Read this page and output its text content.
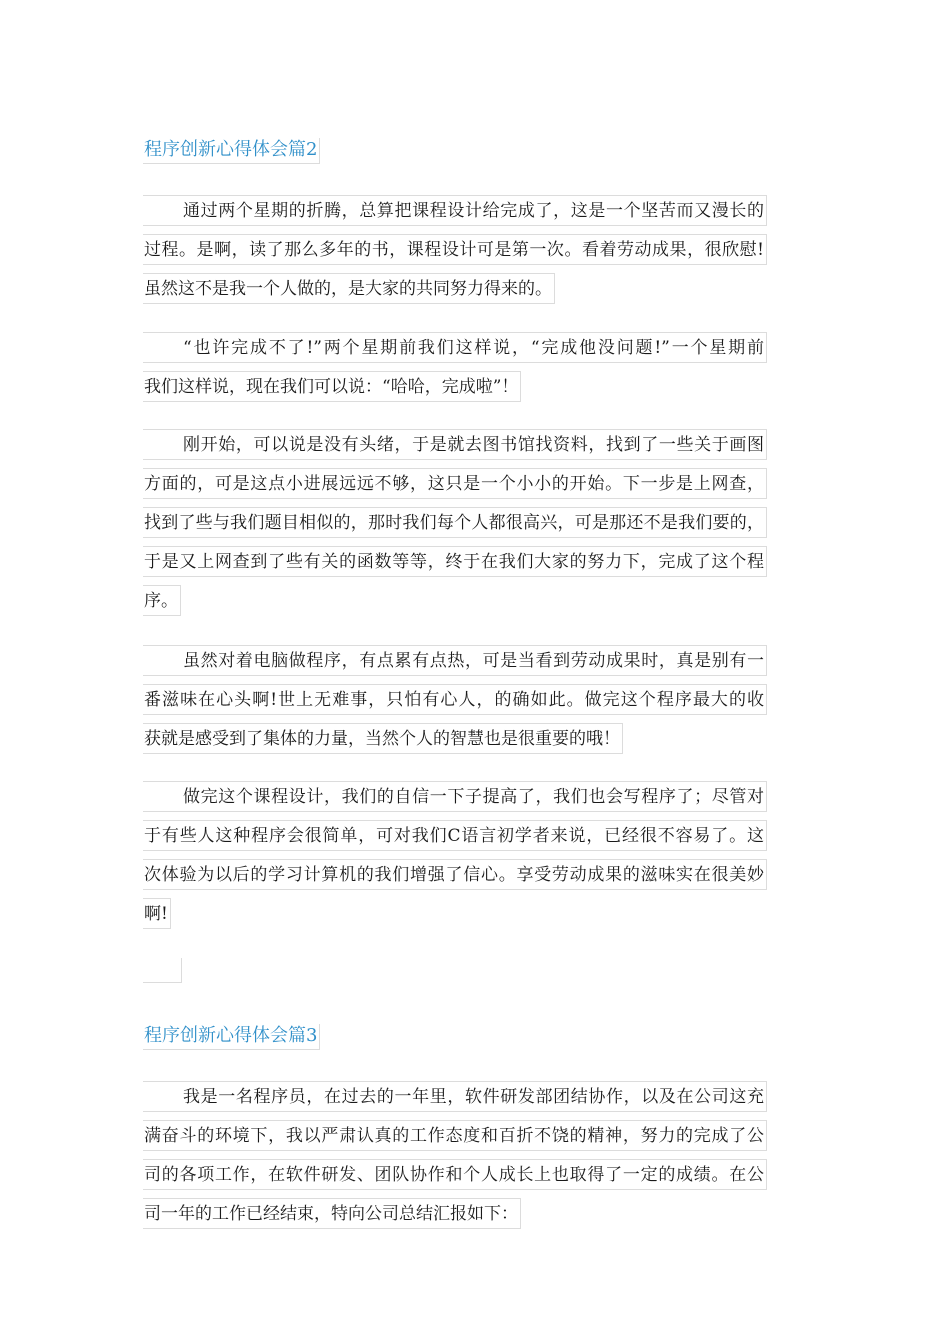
程序创新心得体会篇2
通过两个星期的折腾，总算把课程设计给完成了，这是一个坚苦而又漫长的
过程。是啊，读了那么多年的书，课程设计可是第一次。看着劳动成果，很欣慰!
虽然这不是我一个人做的，是大家的共同努力得来的。
“也许完成不了!”两个星期前我们这样说，“完成他没问题!”一个星期前
我们这样说，现在我们可以说：“哈哈，完成啦”！
刚开始，可以说是没有头绪，于是就去图书馆找资料，找到了一些关于画图
方面的，可是这点小进展远远不够，这只是一个小小的开始。下一步是上网查，
找到了些与我们题目相似的，那时我们每个人都很高兴，可是那还不是我们要的，
于是又上网查到了些有关的函数等等，终于在我们大家的努力下，完成了这个程
序。
虽然对着电脑做程序，有点累有点热，可是当看到劳动成果时，真是别有一
番滋味在心头啊!世上无难事，只怕有心人，的确如此。做完这个程序最大的收
获就是感受到了集体的力量，当然个人的智慧也是很重要的哦！
做完这个课程设计，我们的自信一下子提高了，我们也会写程序了；尽管对
于有些人这种程序会很简单，可对我们C语言初学者来说，已经很不容易了。这
次体验为以后的学习计算机的我们增强了信心。享受劳动成果的滋味实在很美妙
啊!
程序创新心得体会篇3
我是一名程序员，在过去的一年里，软件研发部团结协作，以及在公司这充
满奋斗的环境下，我以严肃认真的工作态度和百折不饶的精神，努力的完成了公
司的各项工作，在软件研发、团队协作和个人成长上也取得了一定的成绩。在公
司一年的工作已经结束，特向公司总结汇报如下：
